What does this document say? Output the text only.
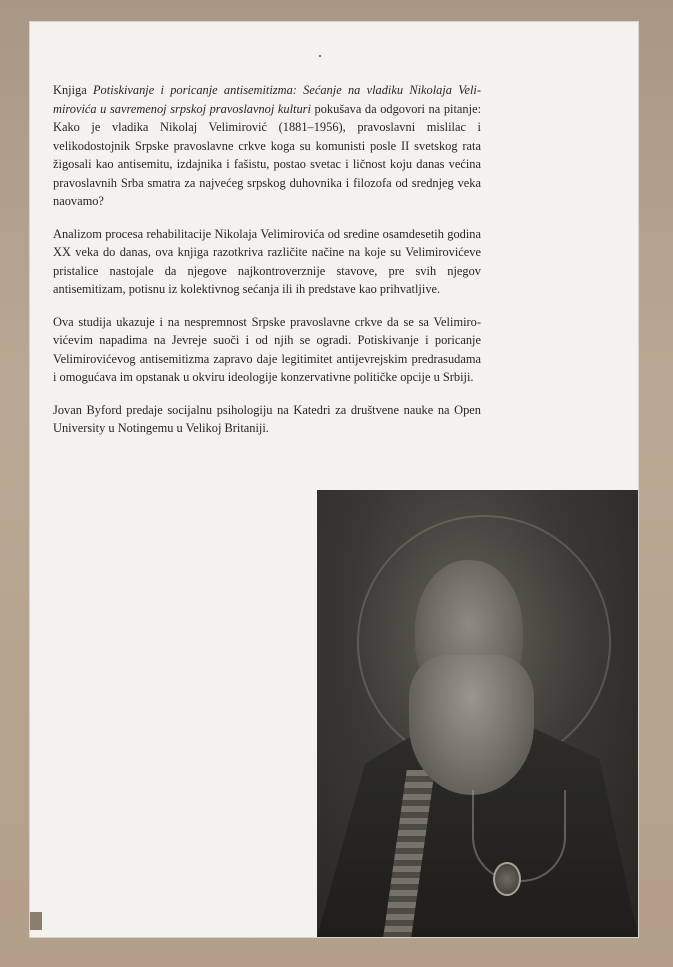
Knjiga Potiskivanje i poricanje antisemitizma: Sećanje na vladiku Nikolaja Velimirovića u savremenoj srpskoj pravoslavnoj kulturi pokušava da odgovori na pitanje: Kako je vladika Nikolaj Velimirović (1881–1956), pravoslavni mislilac i velikodostojnik Srpske pravoslavne crkve koga su komunisti posle II svetskog rata žigosali kao antisemitu, izdajnika i fašistu, postao svetac i ličnost koju danas većina pravoslavnih Srba smatra za najvećeg srpskog duhovnika i filozofa od srednjeg veka naovamo?

Analizom procesa rehabilitacije Nikolaja Velimirovića od sredine osamdesetih godina XX veka do danas, ova knjiga razotkriva različite načine na koje su Velimirovićeve pristalice nastojale da njegove najkontroverznije stavove, pre svih njegov antisemitizam, potisnu iz kolektivnog sećanja ili ih predstave kao prihvatljive.

Ova studija ukazuje i na nespremnost Srpske pravoslavne crkve da se sa Velimirovićevim napadima na Jevreje suoči i od njih se ogradi. Potiskivanje i poricanje Velimirovićevog antisemitizma zapravo daje legitimitet antijevrejskim predrasudama i omogućava im opstanak u okviru ideologije konzervativne političke opcije u Srbiji.

Jovan Byford predaje socijalnu psihologiju na Katedri za društvene nauke na Open University u Notingemu u Velikoj Britaniji.
